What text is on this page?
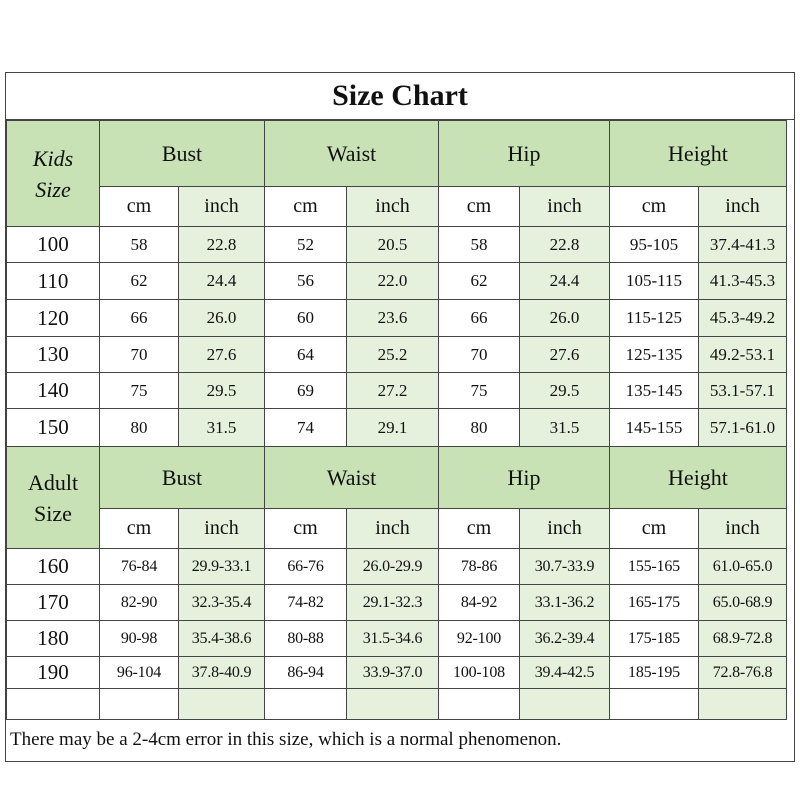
Size Chart
Kids
Size	Bust		Waist		Hip		Height	
	cm	inch	cm	inch	cm	inch	cm	inch
100	58	22.8	52	20.5	58	22.8	95-105	37.4-41.3
110	62	24.4	56	22.0	62	24.4	105-115	41.3-45.3
120	66	26.0	60	23.6	66	26.0	115-125	45.3-49.2
130	70	27.6	64	25.2	70	27.6	125-135	49.2-53.1
140	75	29.5	69	27.2	75	29.5	135-145	53.1-57.1
150	80	31.5	74	29.1	80	31.5	145-155	57.1-61.0

Adult
Size	Bust		Waist		Hip		Height	
	cm	inch	cm	inch	cm	inch	cm	inch
160	76-84	29.9-33.1	66-76	26.0-29.9	78-86	30.7-33.9	155-165	61.0-65.0
170	82-90	32.3-35.4	74-82	29.1-32.3	84-92	33.1-36.2	165-175	65.0-68.9
180	90-98	35.4-38.6	80-88	31.5-34.6	92-100	36.2-39.4	175-185	68.9-72.8
190	96-104	37.8-40.9	86-94	33.9-37.0	100-108	39.4-42.5	185-195	72.8-76.8

There may be a 2-4cm error in this size, which is a normal phenomenon.
